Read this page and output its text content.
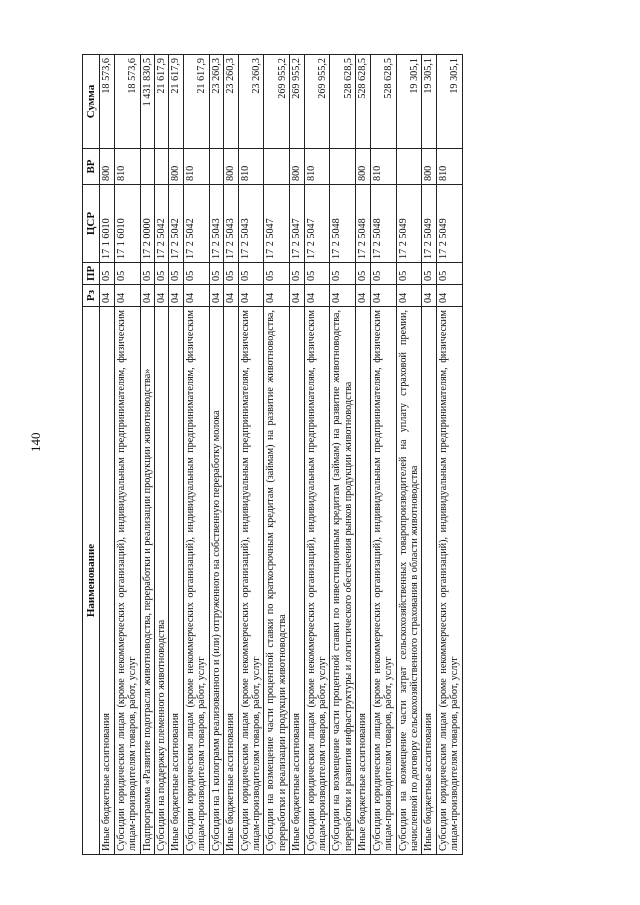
140
Наименование	Рз	ПР	ЦСР	ВР	Сумма
Иные бюджетные ассигнования	04	05	17 1 6010	800	18 573,6
Субсидии юридическим лицам (кроме некоммерческих организаций), индивидуальным предпринимателям, физическим лицам-производителям товаров, работ, услуг	04	05	17 1 6010	810	18 573,6
Подпрограмма «Развитие подотрасли животноводства, переработки и реализации продукции животноводства»	04	05	17 2 0000		1 431 830,5
Субсидии на поддержку племенного животноводства	04	05	17 2 5042		21 617,9
Иные бюджетные ассигнования	04	05	17 2 5042	800	21 617,9
Субсидии юридическим лицам (кроме некоммерческих организаций), индивидуальным предпринимателям, физическим лицам-производителям товаров, работ, услуг	04	05	17 2 5042	810	21 617,9
Субсидии на 1 килограмм реализованного и (или) отгруженного на собственную переработку молока	04	05	17 2 5043		23 260,3
Иные бюджетные ассигнования	04	05	17 2 5043	800	23 260,3
Субсидии юридическим лицам (кроме некоммерческих организаций), индивидуальным предпринимателям, физическим лицам-производителям товаров, работ, услуг	04	05	17 2 5043	810	23 260,3
Субсидии на возмещение части процентной ставки по краткосрочным кредитам (займам) на развитие животноводства, переработки и реализации продукции животноводства	04	05	17 2 5047		269 955,2
Иные бюджетные ассигнования	04	05	17 2 5047	800	269 955,2
Субсидии юридическим лицам (кроме некоммерческих организаций), индивидуальным предпринимателям, физическим лицам-производителям товаров, работ, услуг	04	05	17 2 5047	810	269 955,2
Субсидии на возмещение части процентной ставки по инвестиционным кредитам (займам) на развитие животноводства, переработки и развития инфраструктуры и логистического обеспечения рынков продукции животноводства	04	05	17 2 5048		528 628,5
Иные бюджетные ассигнования	04	05	17 2 5048	800	528 628,5
Субсидии юридическим лицам (кроме некоммерческих организаций), индивидуальным предпринимателям, физическим лицам-производителям товаров, работ, услуг	04	05	17 2 5048	810	528 628,5
Субсидии на возмещение части затрат сельскохозяйственных товаропроизводителей на уплату страховой премии, начисленной по договору сельскохозяйственного страхования в области животноводства	04	05	17 2 5049		19 305,1
Иные бюджетные ассигнования	04	05	17 2 5049	800	19 305,1
Субсидии юридическим лицам (кроме некоммерческих организаций), индивидуальным предпринимателям, физическим лицам-производителям товаров, работ, услуг	04	05	17 2 5049	810	19 305,1
